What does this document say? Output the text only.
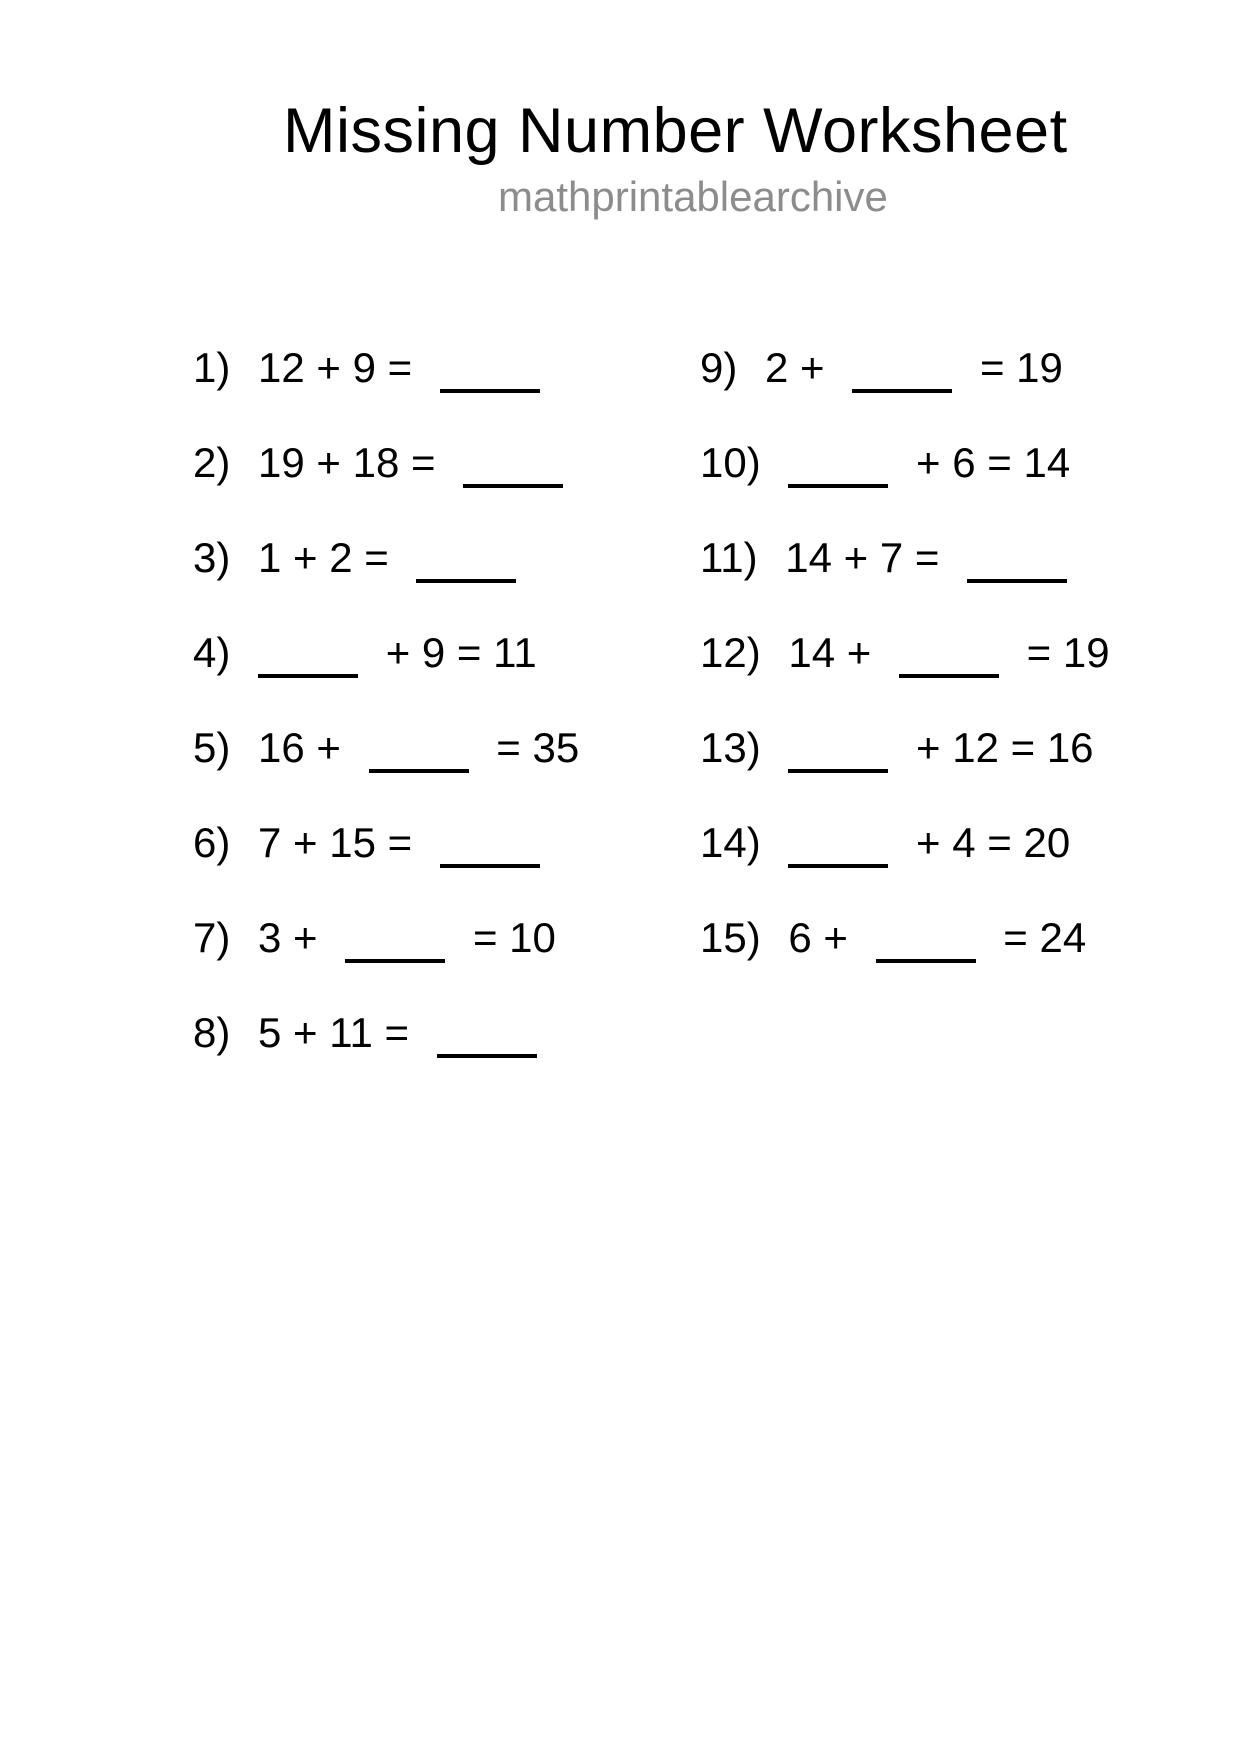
Missing Number Worksheet
mathprintablearchive
1) 12 + 9 =
2) 19 + 18 =
3) 1 + 2 =
4)	+ 9 = 11
5) 16 +	= 35
6) 7 + 15 =
7) 3 +	= 10
8) 5 + 11 =
9) 2 +	= 19
10)	+ 6 = 14
11) 14 + 7 =
12) 14 +	= 19
13)	+ 12 = 16
14)	+ 4 = 20
15) 6 +	= 24
